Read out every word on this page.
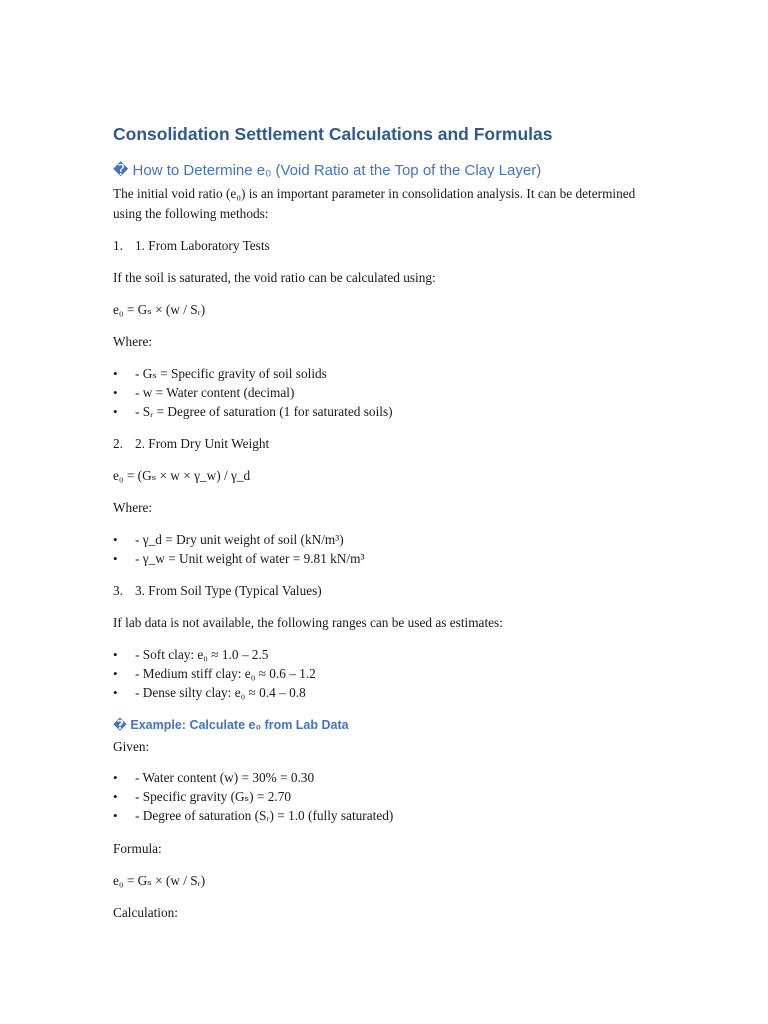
Consolidation Settlement Calculations and Formulas
� How to Determine e₀ (Void Ratio at the Top of the Clay Layer)
The initial void ratio (e₀) is an important parameter in consolidation analysis. It can be determined using the following methods:
1. 1. From Laboratory Tests
If the soil is saturated, the void ratio can be calculated using:
e₀ = Gₛ × (w / Sᵣ)
Where:
• - Gₛ = Specific gravity of soil solids
• - w = Water content (decimal)
• - Sᵣ = Degree of saturation (1 for saturated soils)
2. 2. From Dry Unit Weight
e₀ = (Gₛ × w × γ_w) / γ_d
Where:
• - γ_d = Dry unit weight of soil (kN/m³)
• - γ_w = Unit weight of water = 9.81 kN/m³
3. 3. From Soil Type (Typical Values)
If lab data is not available, the following ranges can be used as estimates:
• - Soft clay: e₀ ≈ 1.0 – 2.5
• - Medium stiff clay: e₀ ≈ 0.6 – 1.2
• - Dense silty clay: e₀ ≈ 0.4 – 0.8
� Example: Calculate e₀ from Lab Data
Given:
• - Water content (w) = 30% = 0.30
• - Specific gravity (Gₛ) = 2.70
• - Degree of saturation (Sᵣ) = 1.0 (fully saturated)
Formula:
e₀ = Gₛ × (w / Sᵣ)
Calculation:
